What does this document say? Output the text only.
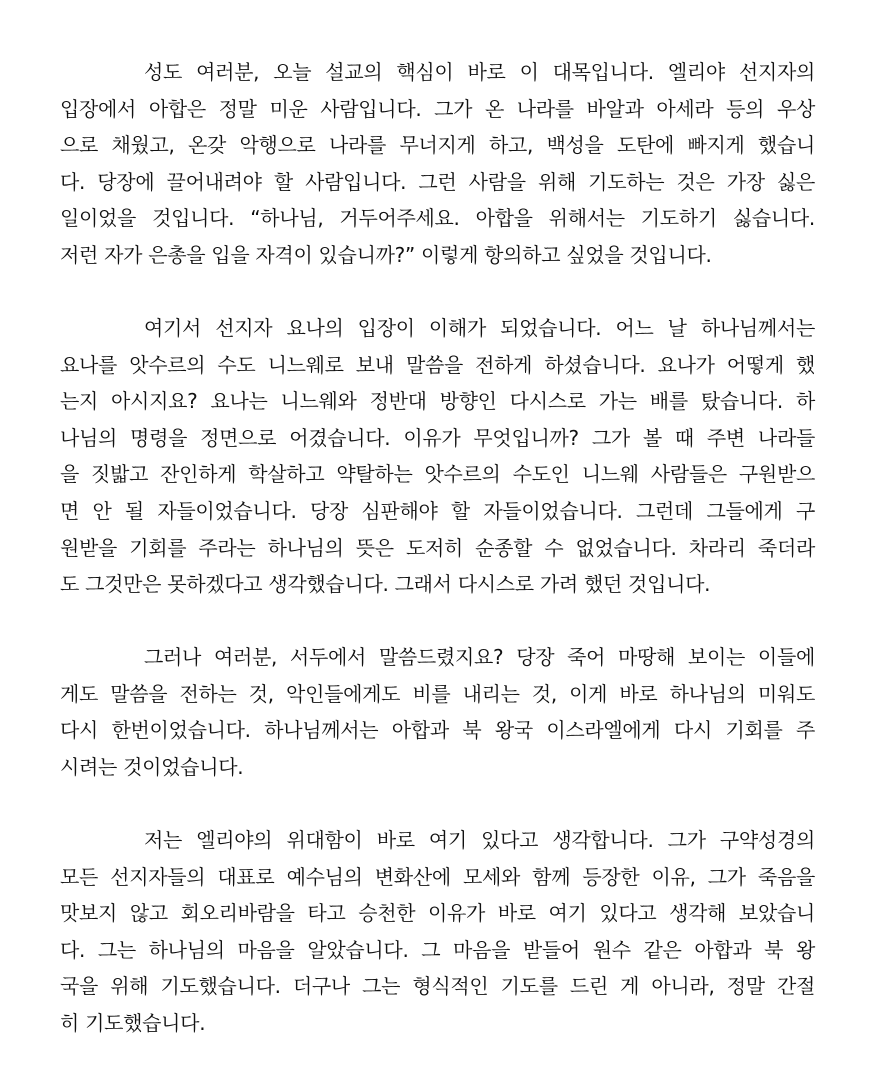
성도 여러분, 오늘 설교의 핵심이 바로 이 대목입니다. 엘리야 선지자의
입장에서 아합은 정말 미운 사람입니다. 그가 온 나라를 바알과 아세라 등의 우상
으로 채웠고, 온갖 악행으로 나라를 무너지게 하고, 백성을 도탄에 빠지게 했습니
다. 당장에 끌어내려야 할 사람입니다. 그런 사람을 위해 기도하는 것은 가장 싫은
일이었을 것입니다. “하나님, 거두어주세요. 아합을 위해서는 기도하기 싫습니다.
저런 자가 은총을 입을 자격이 있습니까?” 이렇게 항의하고 싶었을 것입니다.
여기서 선지자 요나의 입장이 이해가 되었습니다. 어느 날 하나님께서는
요나를 앗수르의 수도 니느웨로 보내 말씀을 전하게 하셨습니다. 요나가 어떻게 했
는지 아시지요? 요나는 니느웨와 정반대 방향인 다시스로 가는 배를 탔습니다. 하
나님의 명령을 정면으로 어겼습니다. 이유가 무엇입니까? 그가 볼 때 주변 나라들
을 짓밟고 잔인하게 학살하고 약탈하는 앗수르의 수도인 니느웨 사람들은 구원받으
면 안 될 자들이었습니다. 당장 심판해야 할 자들이었습니다. 그런데 그들에게 구
원받을 기회를 주라는 하나님의 뜻은 도저히 순종할 수 없었습니다. 차라리 죽더라
도 그것만은 못하겠다고 생각했습니다. 그래서 다시스로 가려 했던 것입니다.
그러나 여러분, 서두에서 말씀드렸지요? 당장 죽어 마땅해 보이는 이들에
게도 말씀을 전하는 것, 악인들에게도 비를 내리는 것, 이게 바로 하나님의 미워도
다시 한번이었습니다. 하나님께서는 아합과 북 왕국 이스라엘에게 다시 기회를 주
시려는 것이었습니다.
저는 엘리야의 위대함이 바로 여기 있다고 생각합니다. 그가 구약성경의
모든 선지자들의 대표로 예수님의 변화산에 모세와 함께 등장한 이유, 그가 죽음을
맛보지 않고 회오리바람을 타고 승천한 이유가 바로 여기 있다고 생각해 보았습니
다. 그는 하나님의 마음을 알았습니다. 그 마음을 받들어 원수 같은 아합과 북 왕
국을 위해 기도했습니다. 더구나 그는 형식적인 기도를 드린 게 아니라, 정말 간절
히 기도했습니다.
